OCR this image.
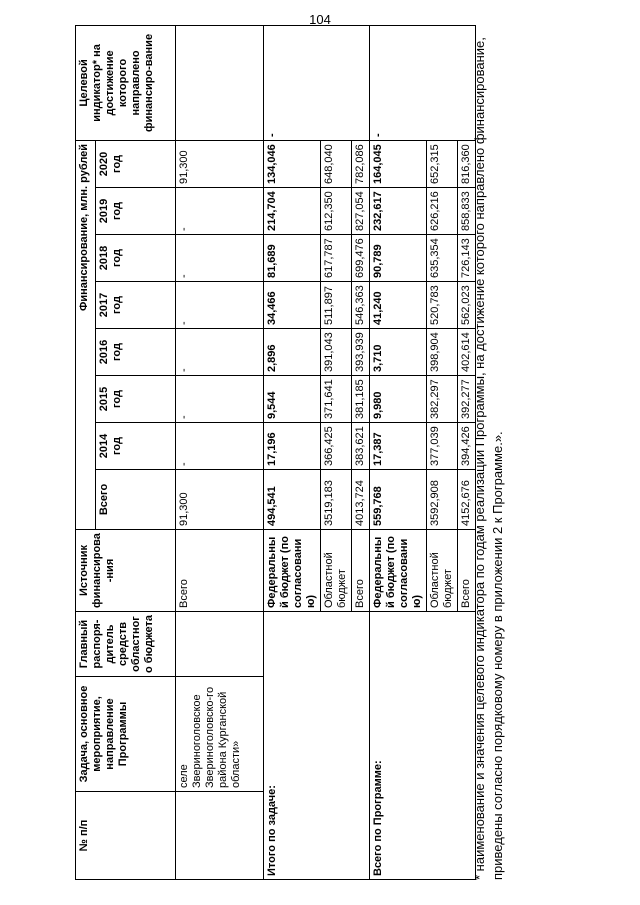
104
№ п/п	Задача, основное мероприятие, направление Программы	Главный распоря-дитель средств областного бюджета	Источник финансирова-ния	Финансирование, млн. рублей								Целевой индикатор* на достижение которого направлено финансиро-вание
				Всего	2014 год	2015 год	2016 год	2017 год	2018 год	2019 год	2020 год	
	селе Звериноголовское Звериноголовско-го района Курганской области»		Всего	91,300	-	-	-	-	-	-	91,300	
Итого по задаче:			Федеральный бюджет (по согласованию)	494,541	17,196	9,544	2,896	34,466	81,689	214,704	134,046	-
			Областной бюджет	3519,183	366,425	371,641	391,043	511,897	617,787	612,350	648,040	
			Всего	4013,724	383,621	381,185	393,939	546,363	699,476	827,054	782,086	
Всего по Программе:			Федеральный бюджет (по согласованию)	559,768	17,387	9,980	3,710	41,240	90,789	232,617	164,045	-
			Областной бюджет	3592,908	377,039	382,297	398,904	520,783	635,354	626,216	652,315	
			Всего	4152,676	394,426	392,277	402,614	562,023	726,143	858,833	816,360	* наименование и значения целевого индикатора по годам реализации Программы, на достижение которого направлено финансирование, приведены согласно порядковому номеру в приложении 2 к Программе.».
